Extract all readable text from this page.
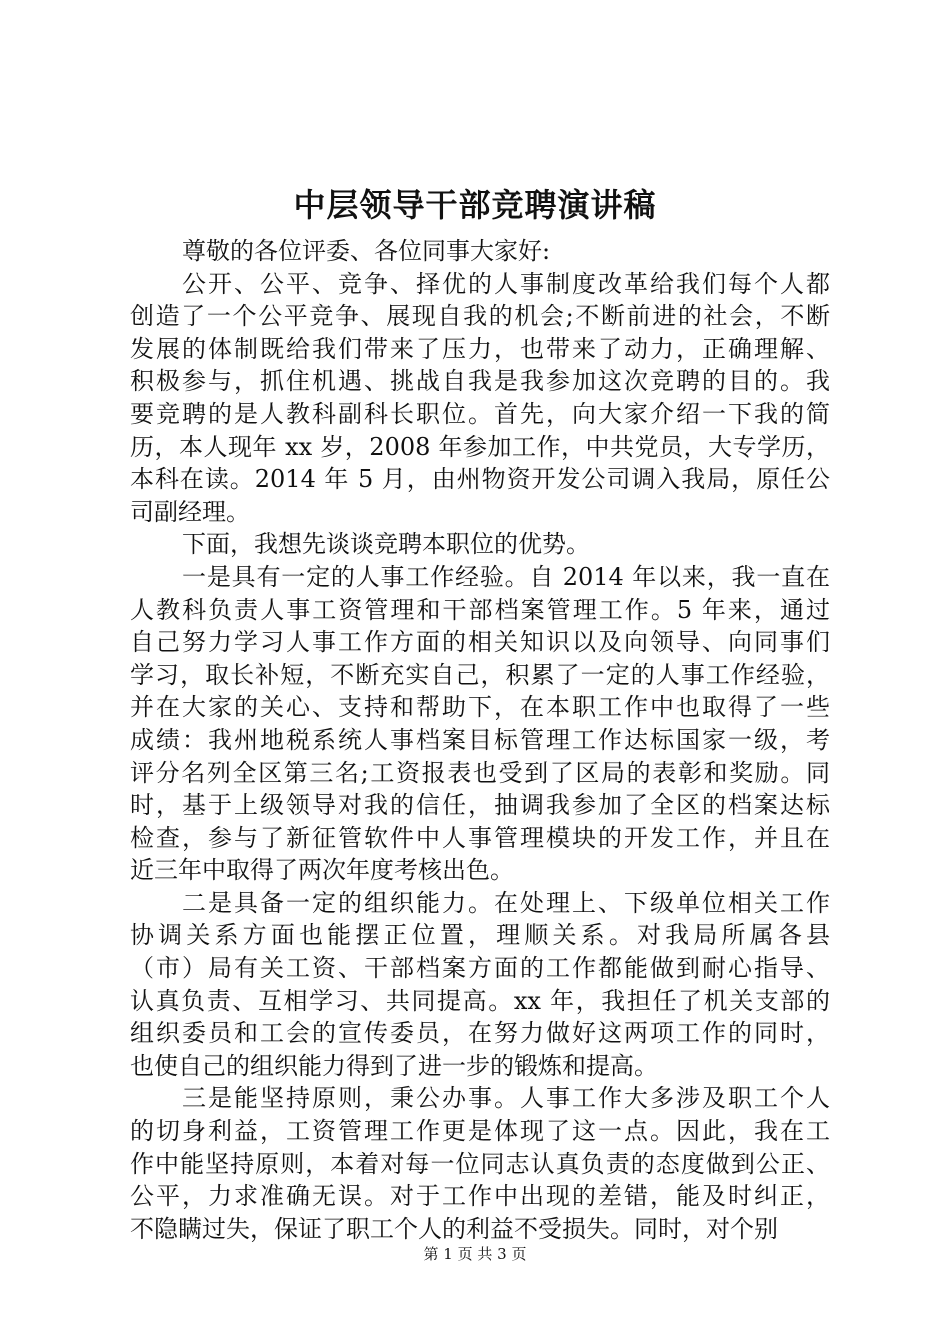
中层领导干部竞聘演讲稿
尊敬的各位评委、各位同事大家好:
公开、公平、竞争、择优的人事制度改革给我们每个人都
创造了一个公平竞争、展现自我的机会;不断前进的社会，不断
发展的体制既给我们带来了压力，也带来了动力，正确理解、
积极参与，抓住机遇、挑战自我是我参加这次竞聘的目的。我
要竞聘的是人教科副科长职位。首先，向大家介绍一下我的简
历，本人现年 xx 岁，2008 年参加工作，中共党员，大专学历，
本科在读。2014 年 5 月，由州物资开发公司调入我局，原任公
司副经理。
下面，我想先谈谈竞聘本职位的优势。
一是具有一定的人事工作经验。自 2014 年以来，我一直在
人教科负责人事工资管理和干部档案管理工作。5 年来，通过
自己努力学习人事工作方面的相关知识以及向领导、向同事们
学习，取长补短，不断充实自己，积累了一定的人事工作经验，
并在大家的关心、支持和帮助下，在本职工作中也取得了一些
成绩：我州地税系统人事档案目标管理工作达标国家一级，考
评分名列全区第三名;工资报表也受到了区局的表彰和奖励。同
时，基于上级领导对我的信任，抽调我参加了全区的档案达标
检查，参与了新征管软件中人事管理模块的开发工作，并且在
近三年中取得了两次年度考核出色。
二是具备一定的组织能力。在处理上、下级单位相关工作
协调关系方面也能摆正位置，理顺关系。对我局所属各县
（市）局有关工资、干部档案方面的工作都能做到耐心指导、
认真负责、互相学习、共同提高。xx 年，我担任了机关支部的
组织委员和工会的宣传委员，在努力做好这两项工作的同时，
也使自己的组织能力得到了进一步的锻炼和提高。
三是能坚持原则，秉公办事。人事工作大多涉及职工个人
的切身利益，工资管理工作更是体现了这一点。因此，我在工
作中能坚持原则，本着对每一位同志认真负责的态度做到公正、
公平，力求准确无误。对于工作中出现的差错，能及时纠正，
不隐瞒过失，保证了职工个人的利益不受损失。同时，对个别
第 1 页 共 3 页
